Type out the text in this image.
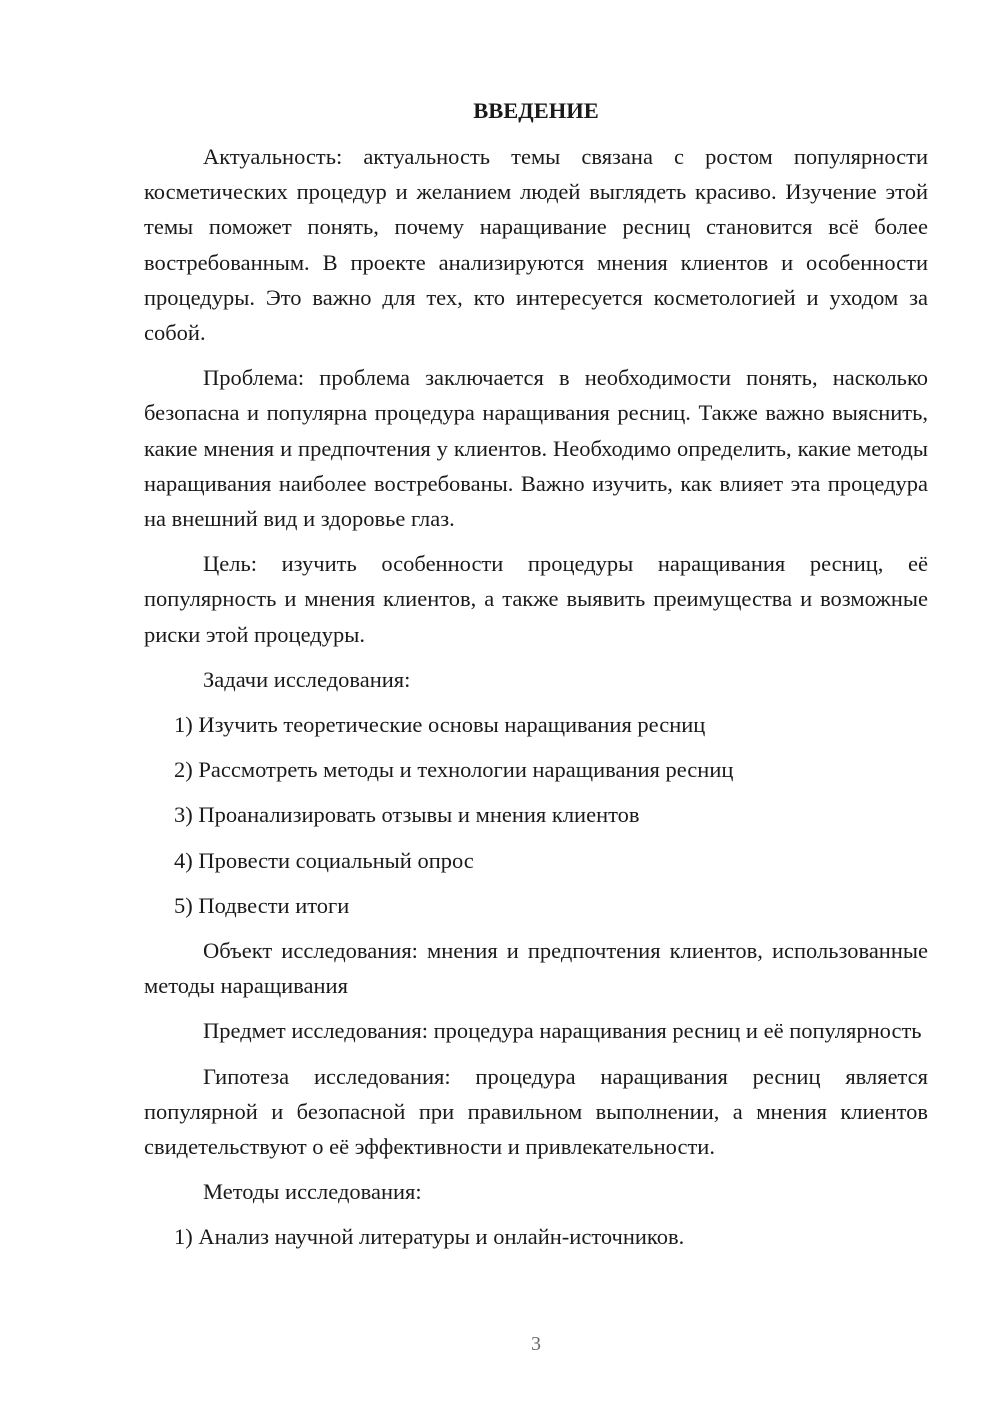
ВВЕДЕНИЕ
Актуальность: актуальность темы связана с ростом популярности косметических процедур и желанием людей выглядеть красиво. Изучение этой темы поможет понять, почему наращивание ресниц становится всё более востребованным. В проекте анализируются мнения клиентов и особенности процедуры. Это важно для тех, кто интересуется косметологией и уходом за собой.
Проблема: проблема заключается в необходимости понять, насколько безопасна и популярна процедура наращивания ресниц. Также важно выяснить, какие мнения и предпочтения у клиентов. Необходимо определить, какие методы наращивания наиболее востребованы. Важно изучить, как влияет эта процедура на внешний вид и здоровье глаз.
Цель: изучить особенности процедуры наращивания ресниц, её популярность и мнения клиентов, а также выявить преимущества и возможные риски этой процедуры.
Задачи исследования:
1) Изучить теоретические основы наращивания ресниц
2) Рассмотреть методы и технологии наращивания ресниц
3) Проанализировать отзывы и мнения клиентов
4) Провести социальный опрос
5) Подвести итоги
Объект исследования: мнения и предпочтения клиентов, использованные методы наращивания
Предмет исследования: процедура наращивания ресниц и её популярность
Гипотеза исследования: процедура наращивания ресниц является популярной и безопасной при правильном выполнении, а мнения клиентов свидетельствуют о её эффективности и привлекательности.
Методы исследования:
1) Анализ научной литературы и онлайн-источников.
3
